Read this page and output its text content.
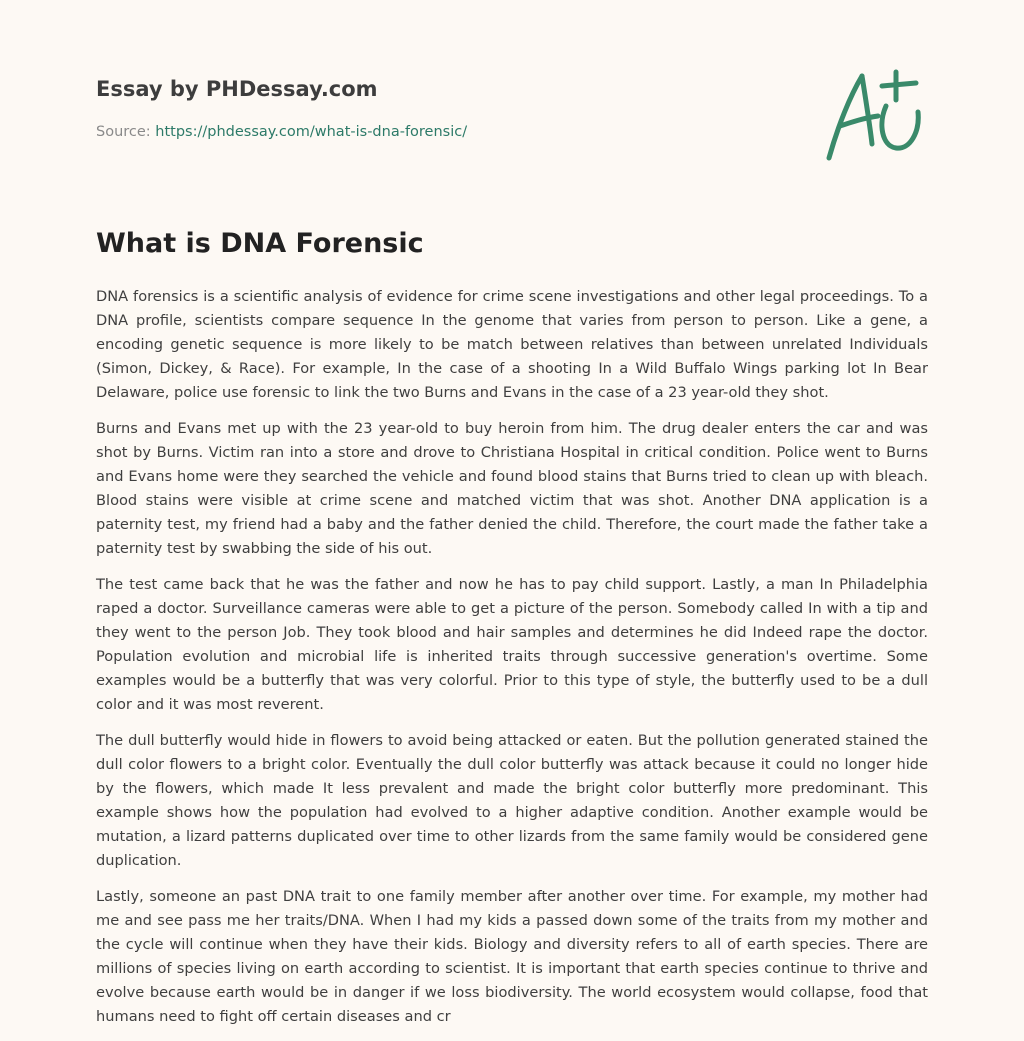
Essay by PHDessay.com
Source: https://phdessay.com/what-is-dna-forensic/
What is DNA Forensic

DNA forensics is a scientific analysis of evidence for crime scene investigations and other legal proceedings. To a DNA profile, scientists compare sequence In the genome that varies from person to person. Like a gene, a encoding genetic sequence is more likely to be match between relatives than between unrelated Individuals (Simon, Dickey, & Race). For example, In the case of a shooting In a Wild Buffalo Wings parking lot In Bear Delaware, police use forensic to link the two Burns and Evans in the case of a 23 year-old they shot.

Burns and Evans met up with the 23 year-old to buy heroin from him. The drug dealer enters the car and was shot by Burns. Victim ran into a store and drove to Christiana Hospital in critical condition. Police went to Burns and Evans home were they searched the vehicle and found blood stains that Burns tried to clean up with bleach. Blood stains were visible at crime scene and matched victim that was shot. Another DNA application is a paternity test, my friend had a baby and the father denied the child. Therefore, the court made the father take a paternity test by swabbing the side of his out.

The test came back that he was the father and now he has to pay child support. Lastly, a man In Philadelphia raped a doctor. Surveillance cameras were able to get a picture of the person. Somebody called In with a tip and they went to the person Job. They took blood and hair samples and determines he did Indeed rape the doctor. Population evolution and microbial life is inherited traits through successive generation's overtime. Some examples would be a butterfly that was very colorful. Prior to this type of style, the butterfly used to be a dull color and it was most reverent.

The dull butterfly would hide in flowers to avoid being attacked or eaten. But the pollution generated stained the dull color flowers to a bright color. Eventually the dull color butterfly was attack because it could no longer hide by the flowers, which made It less prevalent and made the bright color butterfly more predominant. This example shows how the population had evolved to a higher adaptive condition. Another example would be mutation, a lizard patterns duplicated over time to other lizards from the same family would be considered gene duplication.

Lastly, someone an past DNA trait to one family member after another over time. For example, my mother had me and see pass me her traits/DNA. When I had my kids a passed down some of the traits from my mother and the cycle will continue when they have their kids. Biology and diversity refers to all of earth species. There are millions of species living on earth according to scientist. It is important that earth species continue to thrive and evolve because earth would be in danger if we loss biodiversity. The world ecosystem would collapse, food that humans need to fight off certain diseases and cr
